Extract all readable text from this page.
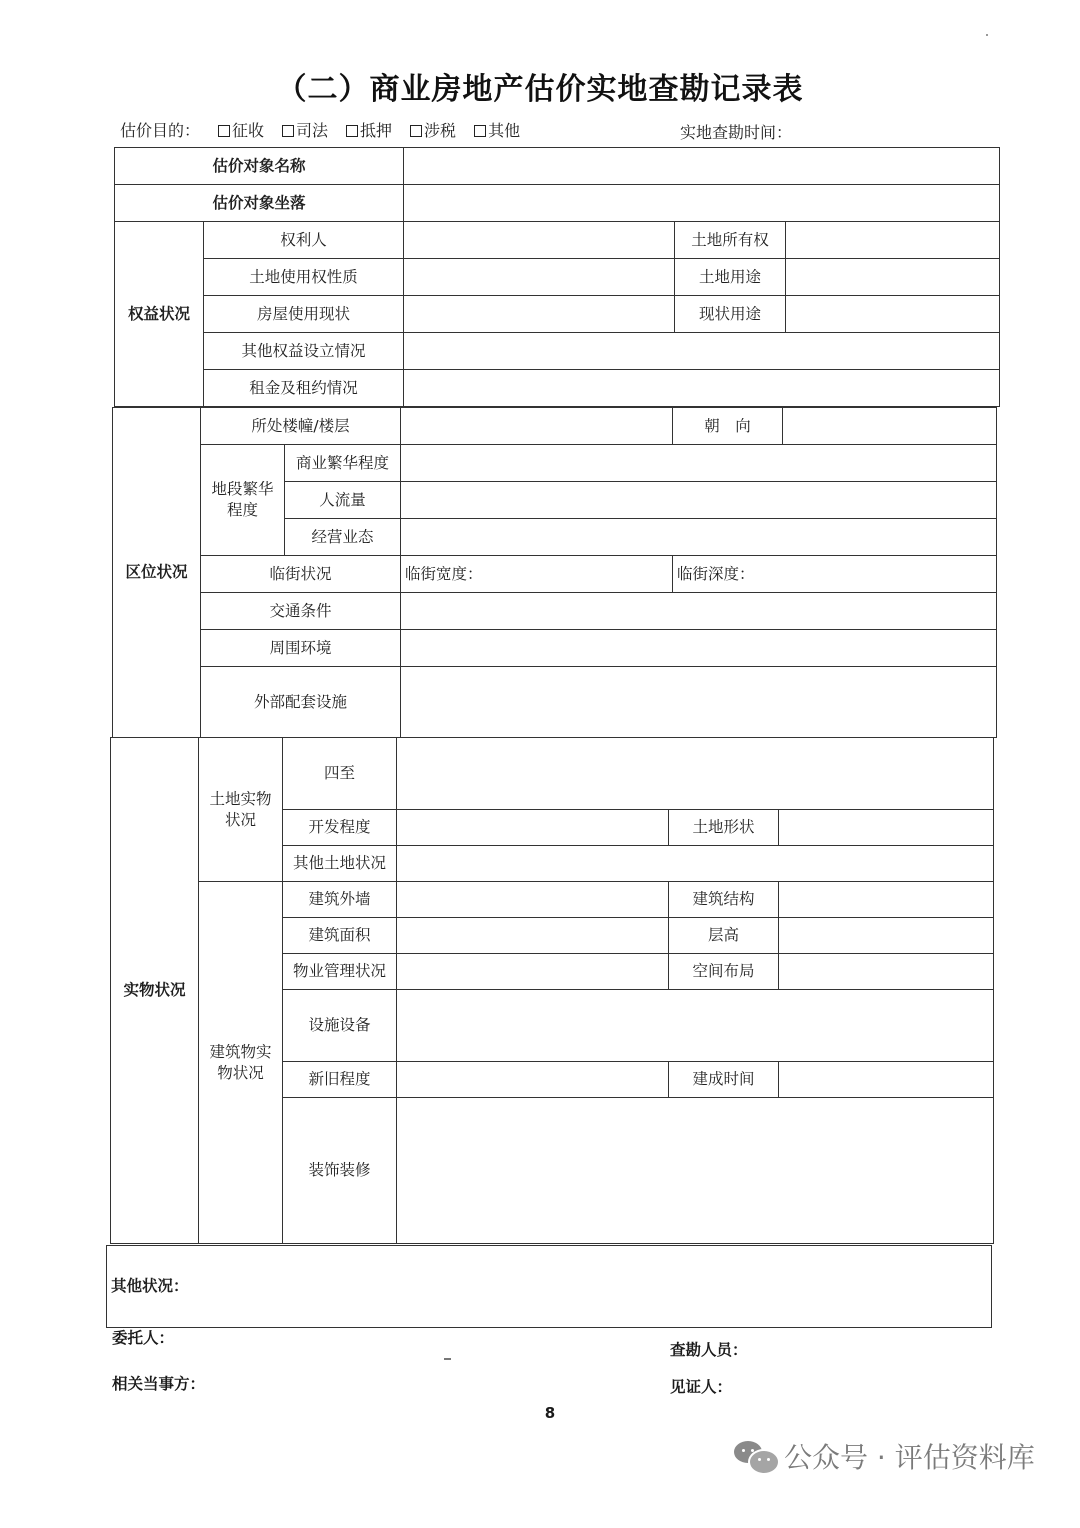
（二）商业房地产估价实地查勘记录表
估价目的： 征收 司法 抵押 涉税 其他	实地查勘时间：
估价对象名称				
估价对象坐落				
权益状况	权利人		土地所有权	
	土地使用权性质		土地用途	
	房屋使用现状		现状用途	
	其他权益设立情况			
	租金及租约情况			
区位状况	所处楼幢/楼层			朝　向	
	地段繁华程度	商业繁华程度			
		人流量			
		经营业态			
	临街状况		临街宽度：	临街深度：	
	交通条件				
	周围环境				
	外部配套设施				
实物状况	土地实物状况	四至			
		开发程度		土地形状	
		其他土地状况			
	建筑物实物状况	建筑外墙		建筑结构	
		建筑面积		层高	
		物业管理状况		空间布局	
		设施设备			
		新旧程度		建成时间	
		装饰装修			
其他状况：
委托人：
查勘人员：
相关当事方：	见证人：
8
公众号 · 评估资料库
